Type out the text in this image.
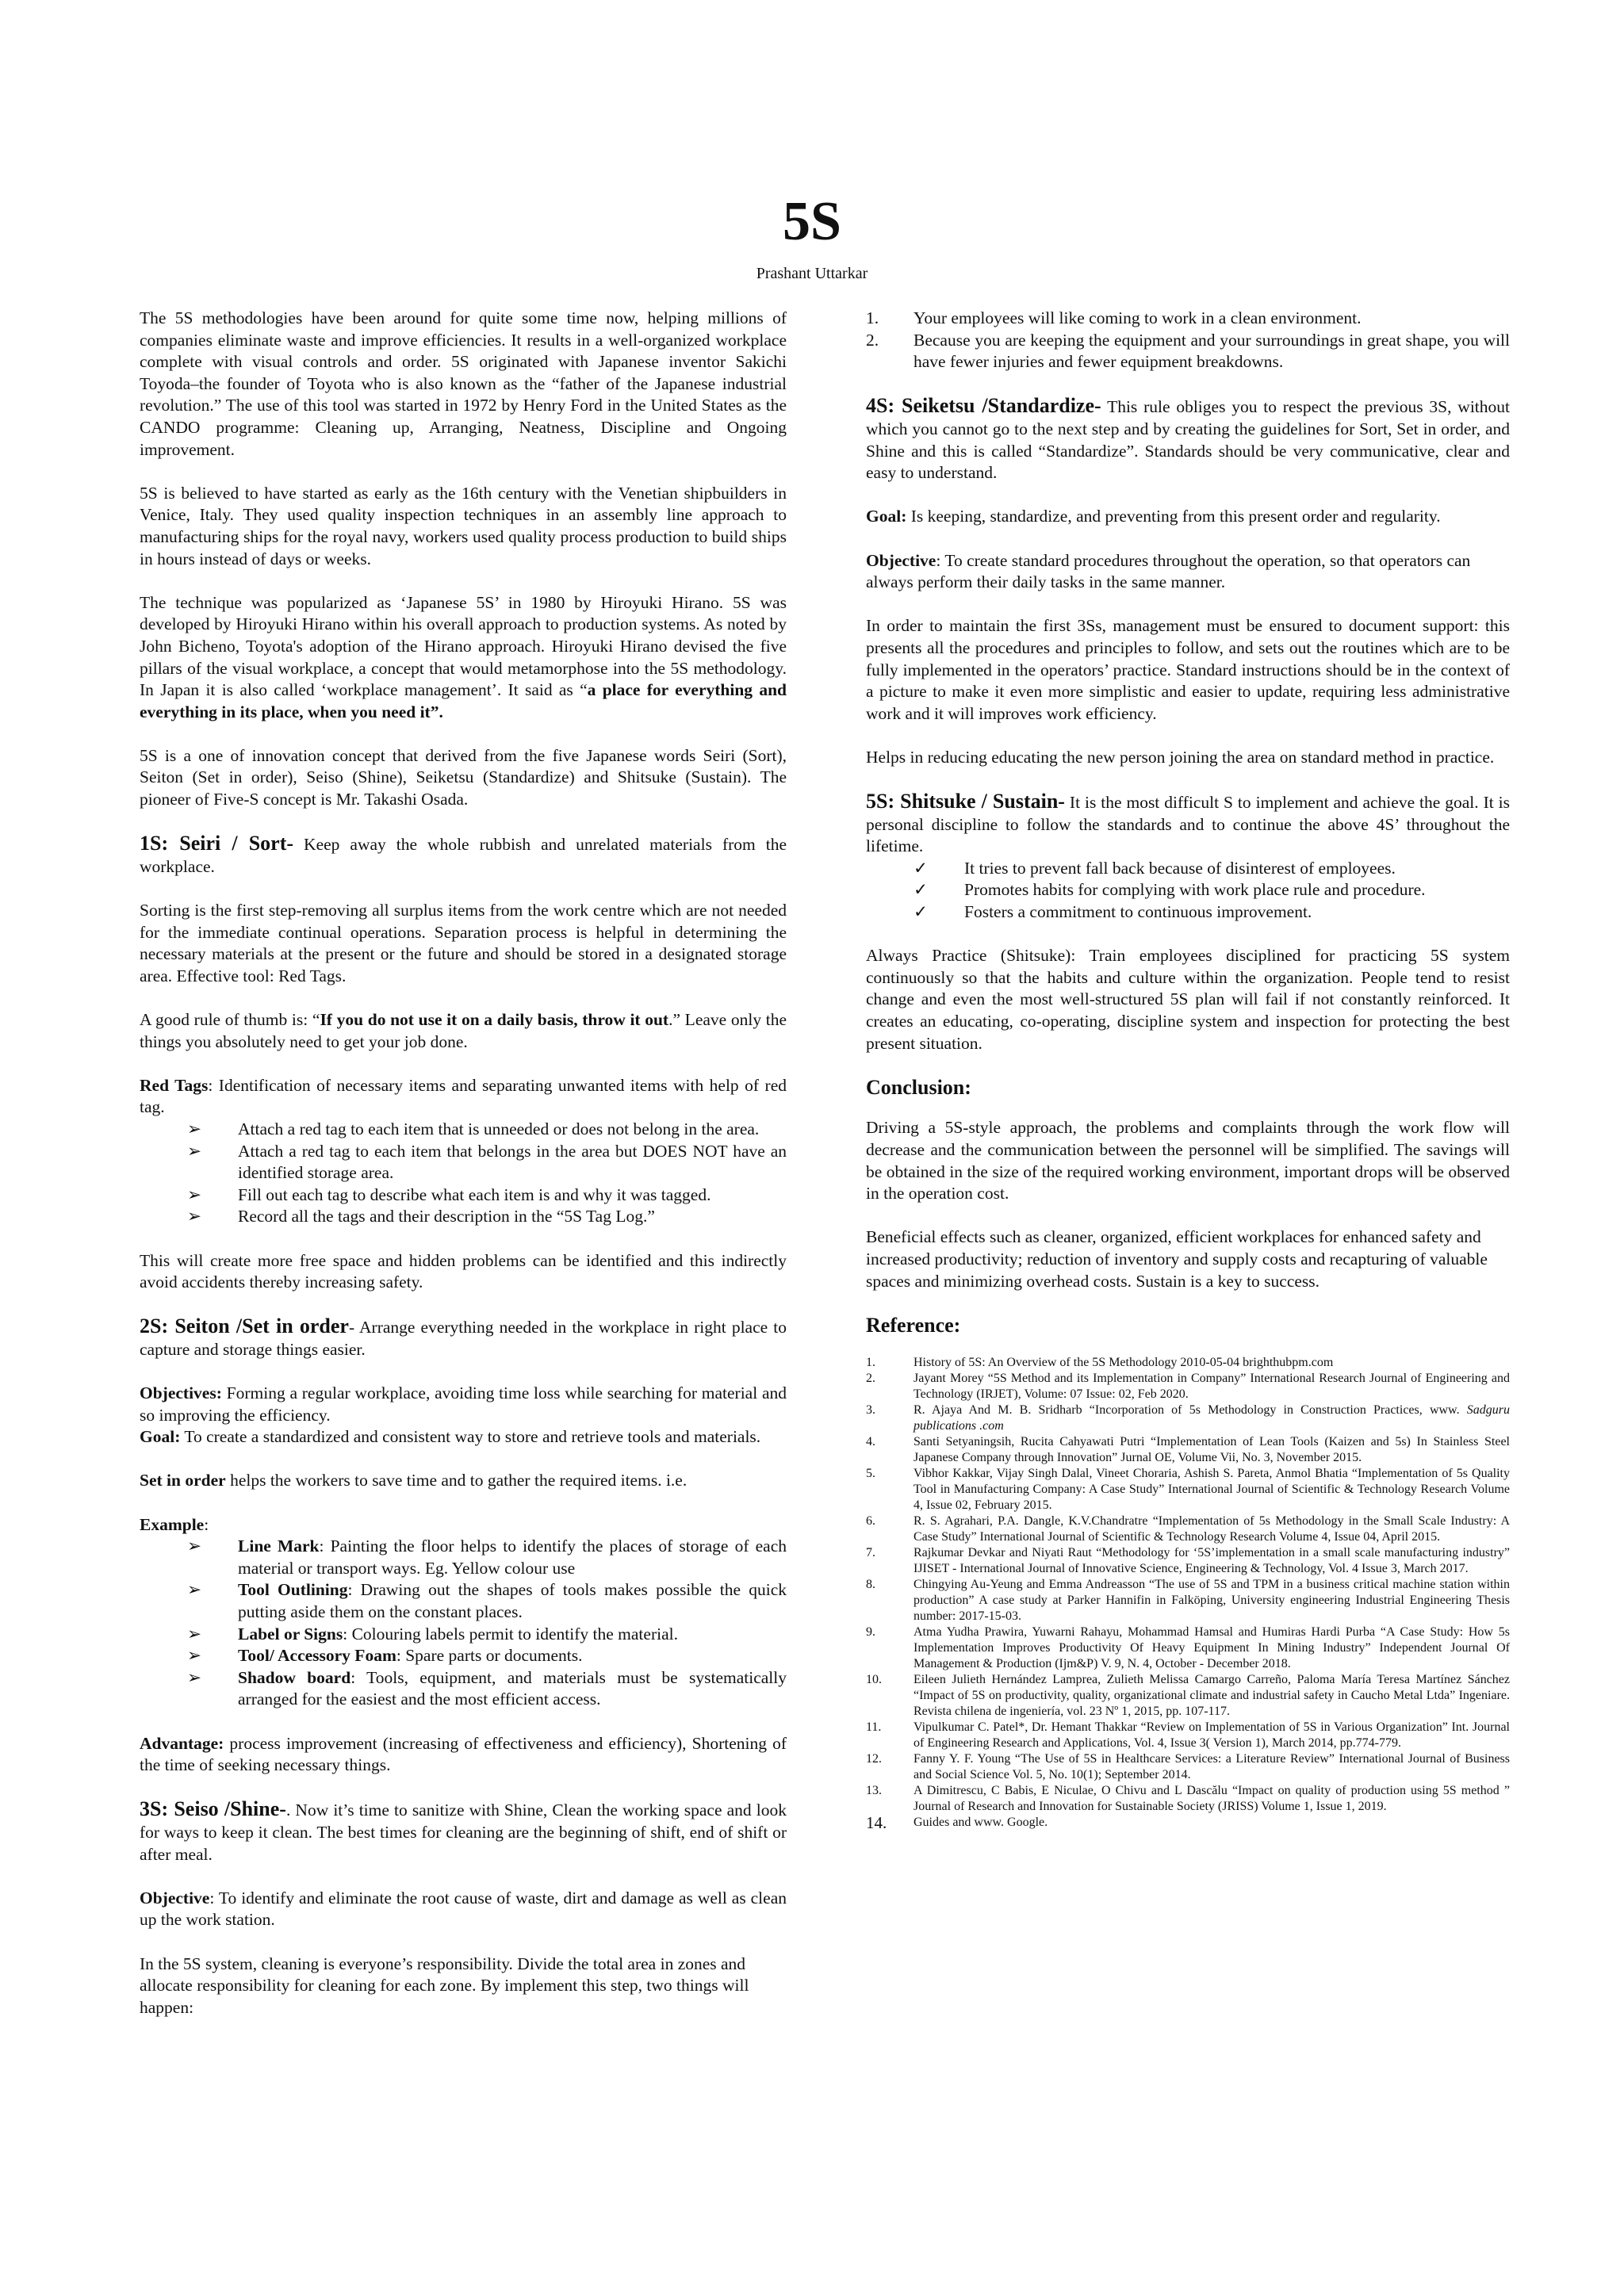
5S
Prashant Uttarkar

The 5S methodologies have been around for quite some time now, helping millions of companies eliminate waste and improve efficiencies. It results in a well-organized workplace complete with visual controls and order. 5S originated with Japanese inventor Sakichi Toyoda–the founder of Toyota who is also known as the “father of the Japanese industrial revolution.” The use of this tool was started in 1972 by Henry Ford in the United States as the CANDO programme: Cleaning up, Arranging, Neatness, Discipline and Ongoing improvement.

5S is believed to have started as early as the 16th century with the Venetian shipbuilders in Venice, Italy. They used quality inspection techniques in an assembly line approach to manufacturing ships for the royal navy, workers used quality process production to build ships in hours instead of days or weeks.

The technique was popularized as ‘Japanese 5S’ in 1980 by Hiroyuki Hirano. 5S was developed by Hiroyuki Hirano within his overall approach to production systems. As noted by John Bicheno, Toyota's adoption of the Hirano approach. Hiroyuki Hirano devised the five pillars of the visual workplace, a concept that would metamorphose into the 5S methodology. In Japan it is also called ‘workplace management’. It said as “a place for everything and everything in its place, when you need it”.

5S is a one of innovation concept that derived from the five Japanese words Seiri (Sort), Seiton (Set in order), Seiso (Shine), Seiketsu (Standardize) and Shitsuke (Sustain). The pioneer of Five-S concept is Mr. Takashi Osada.

1S: Seiri / Sort- Keep away the whole rubbish and unrelated materials from the workplace.

Sorting is the first step-removing all surplus items from the work centre which are not needed for the immediate continual operations. Separation process is helpful in determining the necessary materials at the present or the future and should be stored in a designated storage area. Effective tool: Red Tags.

A good rule of thumb is: “If you do not use it on a daily basis, throw it out.” Leave only the things you absolutely need to get your job done.

Red Tags: Identification of necessary items and separating unwanted items with help of red tag.

➢ Attach a red tag to each item that is unneeded or does not belong in the area.
➢ Attach a red tag to each item that belongs in the area but DOES NOT have an identified storage area.
➢ Fill out each tag to describe what each item is and why it was tagged.
➢ Record all the tags and their description in the “5S Tag Log.”

This will create more free space and hidden problems can be identified and this indirectly avoid accidents thereby increasing safety.

2S: Seiton /Set in order- Arrange everything needed in the workplace in right place to capture and storage things easier.

Objectives: Forming a regular workplace, avoiding time loss while searching for material and so improving the efficiency.

Goal: To create a standardized and consistent way to store and retrieve tools and materials.

Set in order helps the workers to save time and to gather the required items. i.e.

Example:

➢ Line Mark: Painting the floor helps to identify the places of storage of each material or transport ways. Eg. Yellow colour use
➢ Tool Outlining: Drawing out the shapes of tools makes possible the quick putting aside them on the constant places.
➢ Label or Signs: Colouring labels permit to identify the material.
➢ Tool/ Accessory Foam: Spare parts or documents.
➢ Shadow board: Tools, equipment, and materials must be systematically arranged for the easiest and the most efficient access.

Advantage: process improvement (increasing of effectiveness and efficiency), Shortening of the time of seeking necessary things.

3S: Seiso /Shine-. Now it’s time to sanitize with Shine, Clean the working space and look for ways to keep it clean. The best times for cleaning are the beginning of shift, end of shift or after meal.

Objective: To identify and eliminate the root cause of waste, dirt and damage as well as clean up the work station.

In the 5S system, cleaning is everyone’s responsibility. Divide the total area in zones and allocate responsibility for cleaning for each zone. By implement this step, two things will happen:

1. Your employees will like coming to work in a clean environment.
2. Because you are keeping the equipment and your surroundings in great shape, you will have fewer injuries and fewer equipment breakdowns.

4S: Seiketsu /Standardize- This rule obliges you to respect the previous 3S, without which you cannot go to the next step and by creating the guidelines for Sort, Set in order, and Shine and this is called “Standardize”. Standards should be very communicative, clear and easy to understand.

Goal: Is keeping, standardize, and preventing from this present order and regularity.

Objective: To create standard procedures throughout the operation, so that operators can always perform their daily tasks in the same manner.

In order to maintain the first 3Ss, management must be ensured to document support: this presents all the procedures and principles to follow, and sets out the routines which are to be fully implemented in the operators’ practice. Standard instructions should be in the context of a picture to make it even more simplistic and easier to update, requiring less administrative work and it will improves work efficiency.

Helps in reducing educating the new person joining the area on standard method in practice.

5S: Shitsuke / Sustain- It is the most difficult S to implement and achieve the goal. It is personal discipline to follow the standards and to continue the above 4S’ throughout the lifetime.

✓ It tries to prevent fall back because of disinterest of employees.
✓ Promotes habits for complying with work place rule and procedure.
✓ Fosters a commitment to continuous improvement.

Always Practice (Shitsuke): Train employees disciplined for practicing 5S system continuously so that the habits and culture within the organization. People tend to resist change and even the most well-structured 5S plan will fail if not constantly reinforced. It creates an educating, co-operating, discipline system and inspection for protecting the best present situation.

Conclusion:

Driving a 5S-style approach, the problems and complaints through the work flow will decrease and the communication between the personnel will be simplified. The savings will be obtained in the size of the required working environment, important drops will be observed in the operation cost.

Beneficial effects such as cleaner, organized, efficient workplaces for enhanced safety and increased productivity; reduction of inventory and supply costs and recapturing of valuable spaces and minimizing overhead costs. Sustain is a key to success.

Reference:
1.	History of 5S: An Overview of the 5S Methodology 2010-05-04 brighthubpm.com
2.	Jayant Morey “5S Method and its Implementation in Company” International Research Journal of Engineering and Technology (IRJET), Volume: 07 Issue: 02, Feb 2020.
3.	R. Ajaya And M. B. Sridharb “Incorporation of 5s Methodology in Construction Practices, www. Sadguru publications .com
4.	Santi Setyaningsih, Rucita Cahyawati Putri “Implementation of Lean Tools (Kaizen and 5s) In Stainless Steel Japanese Company through Innovation” Jurnal OE, Volume Vii, No. 3, November 2015.
5.	Vibhor Kakkar, Vijay Singh Dalal, Vineet Choraria, Ashish S. Pareta, Anmol Bhatia “Implementation of 5s Quality Tool in Manufacturing Company: A Case Study” International Journal of Scientific & Technology Research Volume 4, Issue 02, February 2015.
6.	R. S. Agrahari, P.A. Dangle, K.V.Chandratre “Implementation of 5s Methodology in the Small Scale Industry: A Case Study” International Journal of Scientific & Technology Research Volume 4, Issue 04, April 2015.
7.	Rajkumar Devkar and Niyati Raut “Methodology for ‘5S’implementation in a small scale manufacturing industry” IJISET - International Journal of Innovative Science, Engineering & Technology, Vol. 4 Issue 3, March 2017.
8.	Chingying Au-Yeung and Emma Andreasson “The use of 5S and TPM in a business critical machine station within production” A case study at Parker Hannifin in Falköping, University engineering Industrial Engineering Thesis number: 2017-15-03.
9.	Atma Yudha Prawira, Yuwarni Rahayu, Mohammad Hamsal and Humiras Hardi Purba “A Case Study: How 5s Implementation Improves Productivity Of Heavy Equipment In Mining Industry” Independent Journal Of Management & Production (Ijm&P) V. 9, N. 4, October - December 2018.
10.	Eileen Julieth Hernández Lamprea, Zulieth Melissa Camargo Carreño, Paloma María Teresa Martínez Sánchez “Impact of 5S on productivity, quality, organizational climate and industrial safety in Caucho Metal Ltda” Ingeniare. Revista chilena de ingeniería, vol. 23 Nº 1, 2015, pp. 107-117.
11.	Vipulkumar C. Patel*, Dr. Hemant Thakkar “Review on Implementation of 5S in Various Organization” Int. Journal of Engineering Research and Applications, Vol. 4, Issue 3( Version 1), March 2014, pp.774-779.
12.	Fanny Y. F. Young “The Use of 5S in Healthcare Services: a Literature Review” International Journal of Business and Social Science Vol. 5, No. 10(1); September 2014.
13.	A Dimitrescu, C Babis, E Niculae, O Chivu and L Dascălu “Impact on quality of production using 5S method ” Journal of Research and Innovation for Sustainable Society (JRISS) Volume 1, Issue 1, 2019.
14. Guides and www. Google.
